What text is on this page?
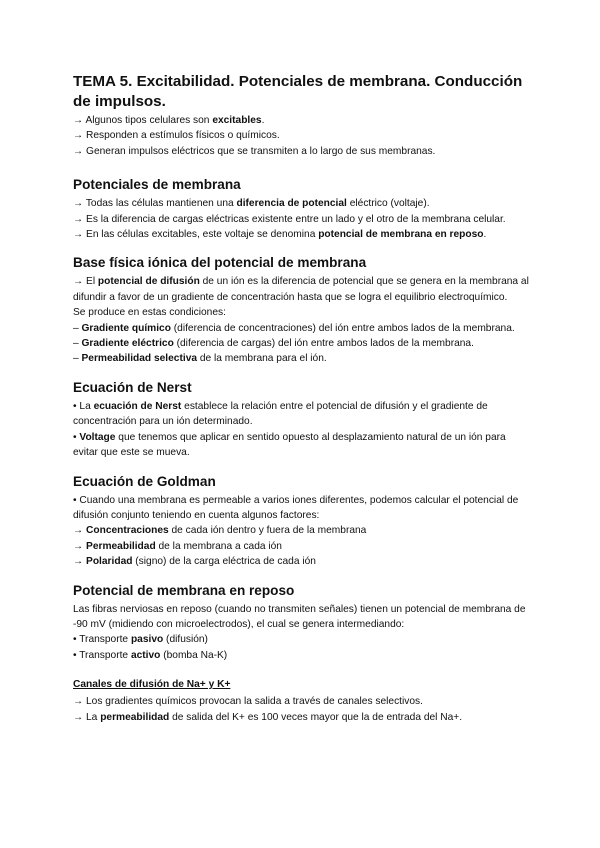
TEMA 5. Excitabilidad. Potenciales de membrana. Conducción de impulsos.

→ Algunos tipos celulares son excitables.

→ Responden a estímulos físicos o químicos.

→ Generan impulsos eléctricos que se transmiten a lo largo de sus membranas.

Potenciales de membrana

→ Todas las células mantienen una diferencia de potencial eléctrico (voltaje).

→ Es la diferencia de cargas eléctricas existente entre un lado y el otro de la membrana celular.

→ En las células excitables, este voltaje se denomina potencial de membrana en reposo.

Base física iónica del potencial de membrana

→ El potencial de difusión de un ión es la diferencia de potencial que se genera en la membrana al difundir a favor de un gradiente de concentración hasta que se logra el equilibrio electroquímico.

Se produce en estas condiciones:

– Gradiente químico (diferencia de concentraciones) del ión entre ambos lados de la membrana.

– Gradiente eléctrico (diferencia de cargas) del ión entre ambos lados de la membrana.

– Permeabilidad selectiva de la membrana para el ión.

Ecuación de Nerst

• La ecuación de Nerst establece la relación entre el potencial de difusión y el gradiente de concentración para un ión determinado.

• Voltage que tenemos que aplicar en sentido opuesto al desplazamiento natural de un ión para evitar que este se mueva.

Ecuación de Goldman

• Cuando una membrana es permeable a varios iones diferentes, podemos calcular el potencial de difusión conjunto teniendo en cuenta algunos factores:

→ Concentraciones de cada ión dentro y fuera de la membrana

→ Permeabilidad de la membrana a cada ión

→ Polaridad (signo) de la carga eléctrica de cada ión

Potencial de membrana en reposo

Las fibras nerviosas en reposo (cuando no transmiten señales) tienen un potencial de membrana de -90 mV (midiendo con microelectrodos), el cual se genera intermediando:

• Transporte pasivo (difusión)

• Transporte activo (bomba Na-K)

Canales de difusión de Na+ y K+

→ Los gradientes químicos provocan la salida a través de canales selectivos.

→ La permeabilidad de salida del K+ es 100 veces mayor que la de entrada del Na+.
